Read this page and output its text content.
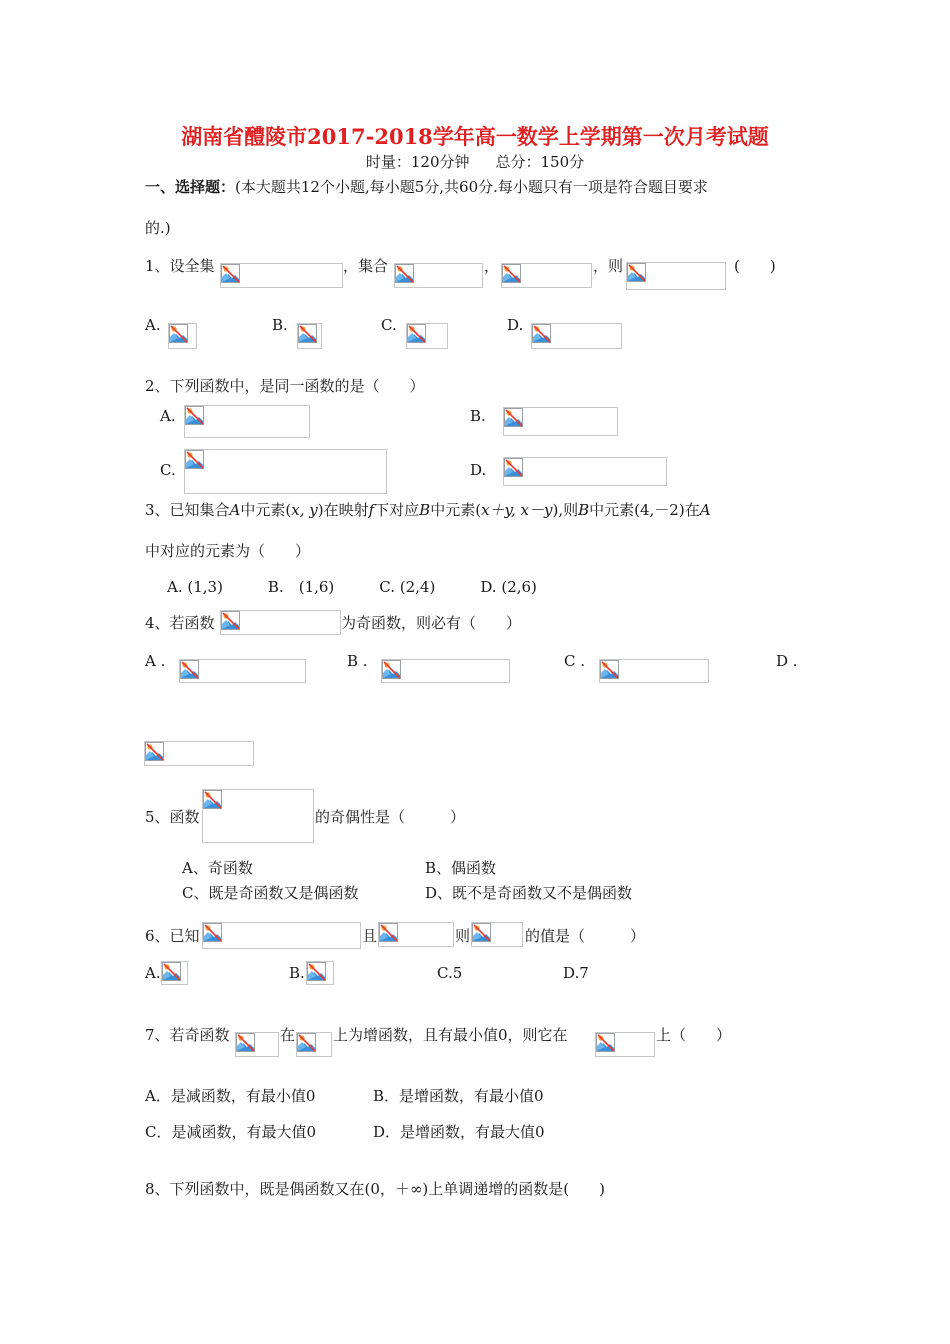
湖南省醴陵市2017-2018学年高一数学上学期第一次月考试题
时量：120分钟 总分：150分
一、选择题：(本大题共12个小题,每小题5分,共60分.每小题只有一项是符合题目要求
的.)
1、设全集	，集合	，	，则	(　　)
A.	B.	C.	D.
2、下列函数中，是同一函数的是（　　）
A.	B.
C.	D.
3、已知集合A中元素(x, y)在映射f下对应B中元素(x＋y, x－y),则B中元素(4,－2)在A
中对应的元素为（　　）
A. (1,3)　　　B.　(1,6)　　　C. (2,4)　　　D. (2,6)
4、若函数	为奇函数，则必有（　　）
A .	B .	C .	D .
5、函数	的奇偶性是（　　　）
A、奇函数	B、偶函数
C、既是奇函数又是偶函数	D、既不是奇函数又不是偶函数
6、已知	且	则	的值是（　　　）
A.	B.	C.5	D.7
7、若奇函数	在	上为增函数，且有最小值0，则它在	上（　　）
A．是减函数，有最小值0	B．是增函数，有最小值0
C．是减函数，有最大值0	D．是增函数，有最大值0
8、下列函数中，既是偶函数又在(0，＋∞)上单调递增的函数是(　　)
